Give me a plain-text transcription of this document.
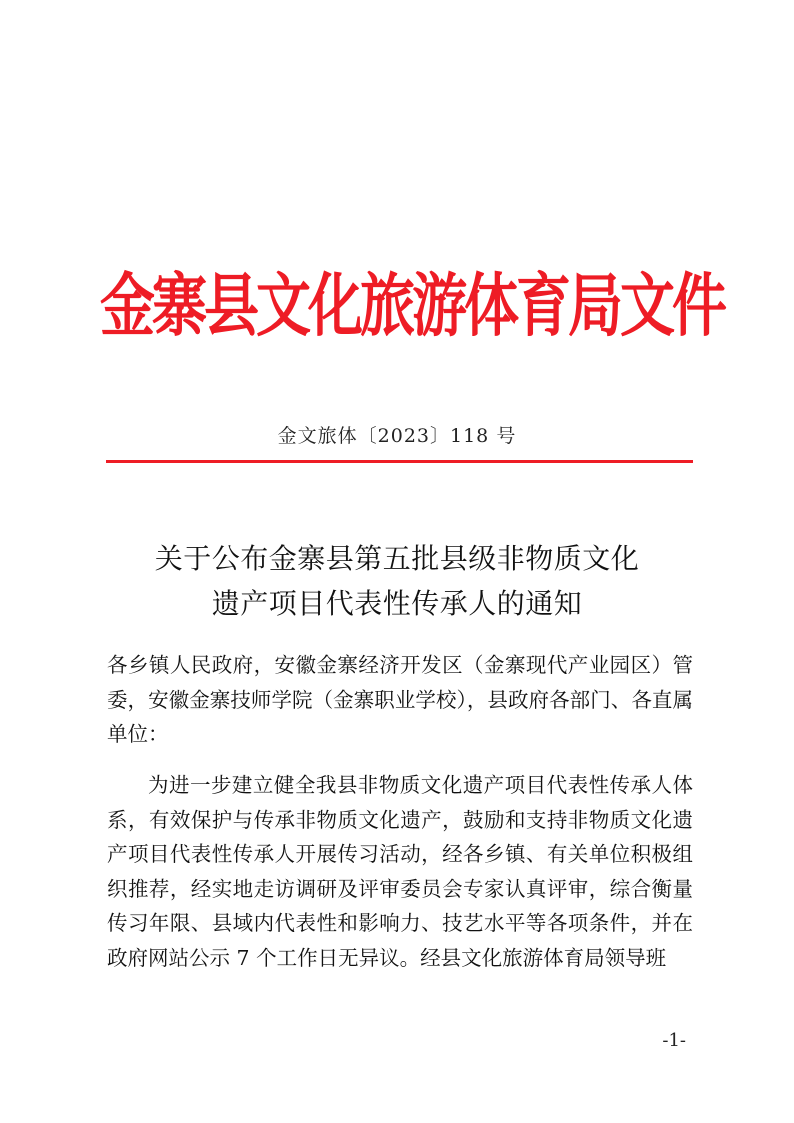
金寨县文化旅游体育局文件
金文旅体〔2023〕118 号
关于公布金寨县第五批县级非物质文化
遗产项目代表性传承人的通知
各乡镇人民政府，安徽金寨经济开发区（金寨现代产业园区）管委，安徽金寨技师学院（金寨职业学校），县政府各部门、各直属单位：
为进一步建立健全我县非物质文化遗产项目代表性传承人体系，有效保护与传承非物质文化遗产，鼓励和支持非物质文化遗产项目代表性传承人开展传习活动，经各乡镇、有关单位积极组织推荐，经实地走访调研及评审委员会专家认真评审，综合衡量传习年限、县域内代表性和影响力、技艺水平等各项条件，并在政府网站公示 7 个工作日无异议。经县文化旅游体育局领导班
-1-
